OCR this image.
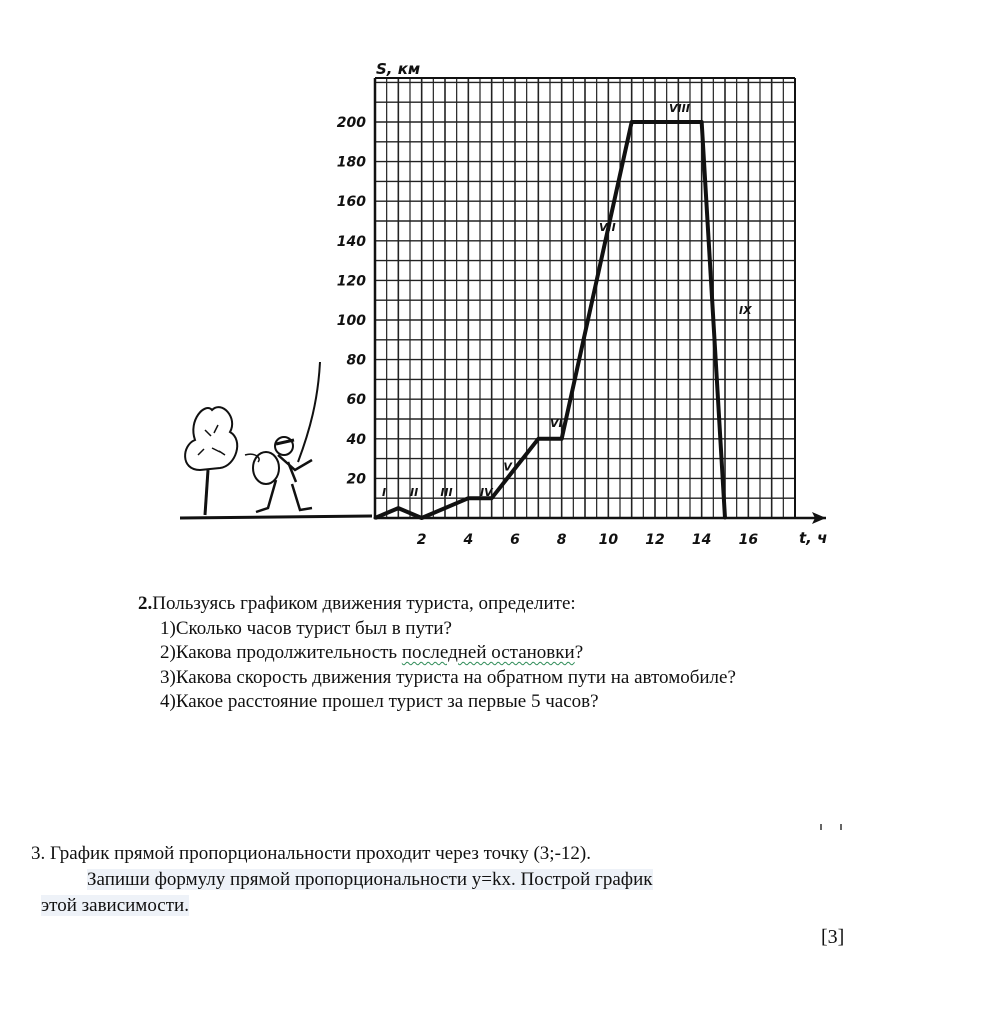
20
40
60
80
100
120
140
160
180
200
2	4	6	8 10 12 14 16
I II III IV
V
VI
VII
VIII
IX
S, км
t, ч
2.Пользуясь графиком движения туриста, определите:
1)Сколько часов турист был в пути?
2)Какова продолжительность последней остановки?
3)Какова скорость движения туриста на обратном пути на автомобиле?
4)Какое расстояние прошел турист за первые 5 часов?
3. График прямой пропорциональности проходит через точку (3;-12).
Запиши формулу прямой пропорциональности y=kx. Построй график
этой зависимости.
[3]
